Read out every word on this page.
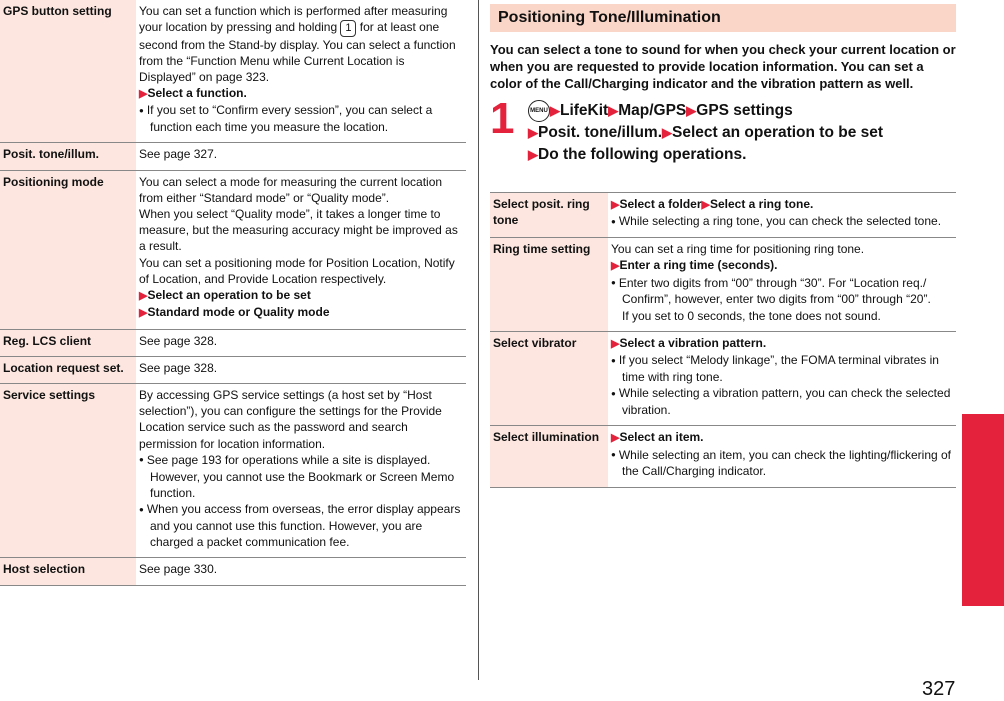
GPS button setting	You can set a function which is performed after measuring your location by pressing and holding 1 for at least one second from the Stand-by display. You can select a function from the “Function Menu while Current Location is Displayed” on page 323.
▶Select a function.
● If you set to “Confirm every session”, you can select a function each time you measure the location.

Posit. tone/illum.	See page 327.

Positioning mode	You can select a mode for measuring the current location from either “Standard mode” or “Quality mode”.
When you select “Quality mode”, it takes a longer time to measure, but the measuring accuracy might be improved as a result.
You can set a positioning mode for Position Location, Notify of Location, and Provide Location respectively.
▶Select an operation to be set
▶Standard mode or Quality mode

Reg. LCS client	See page 328.

Location request set.	See page 328.

Service settings	By accessing GPS service settings (a host set by “Host selection”), you can configure the settings for the Provide Location service such as the password and search permission for location information.
● See page 193 for operations while a site is displayed. However, you cannot use the Bookmark or Screen Memo function.
● When you access from overseas, the error display appears and you cannot use this function. However, you are charged a packet communication fee.

Host selection	See page 330.
Positioning Tone/Illumination
You can select a tone to sound for when you check your current location or when you are requested to provide location information. You can set a color of the Call/Charging indicator and the vibration pattern as well.
1	MENU ▶LifeKit▶Map/GPS▶GPS settings
▶Posit. tone/illum.▶Select an operation to be set
▶Do the following operations.
Select posit. ring tone	▶Select a folder▶Select a ring tone.
● While selecting a ring tone, you can check the selected tone.

Ring time setting	You can set a ring time for positioning ring tone.
▶Enter a ring time (seconds).
● Enter two digits from “00” through “30”. For “Location req./ Confirm”, however, enter two digits from “00” through “20”.
If you set to 0 seconds, the tone does not sound.

Select vibrator	▶Select a vibration pattern.
● If you select “Melody linkage”, the FOMA terminal vibrates in time with ring tone.
● While selecting a vibration pattern, you can check the selected vibration.

Select illumination	▶Select an item.
● While selecting an item, you can check the lighting/flickering of the Call/Charging indicator.	Map/GPS Function
327
